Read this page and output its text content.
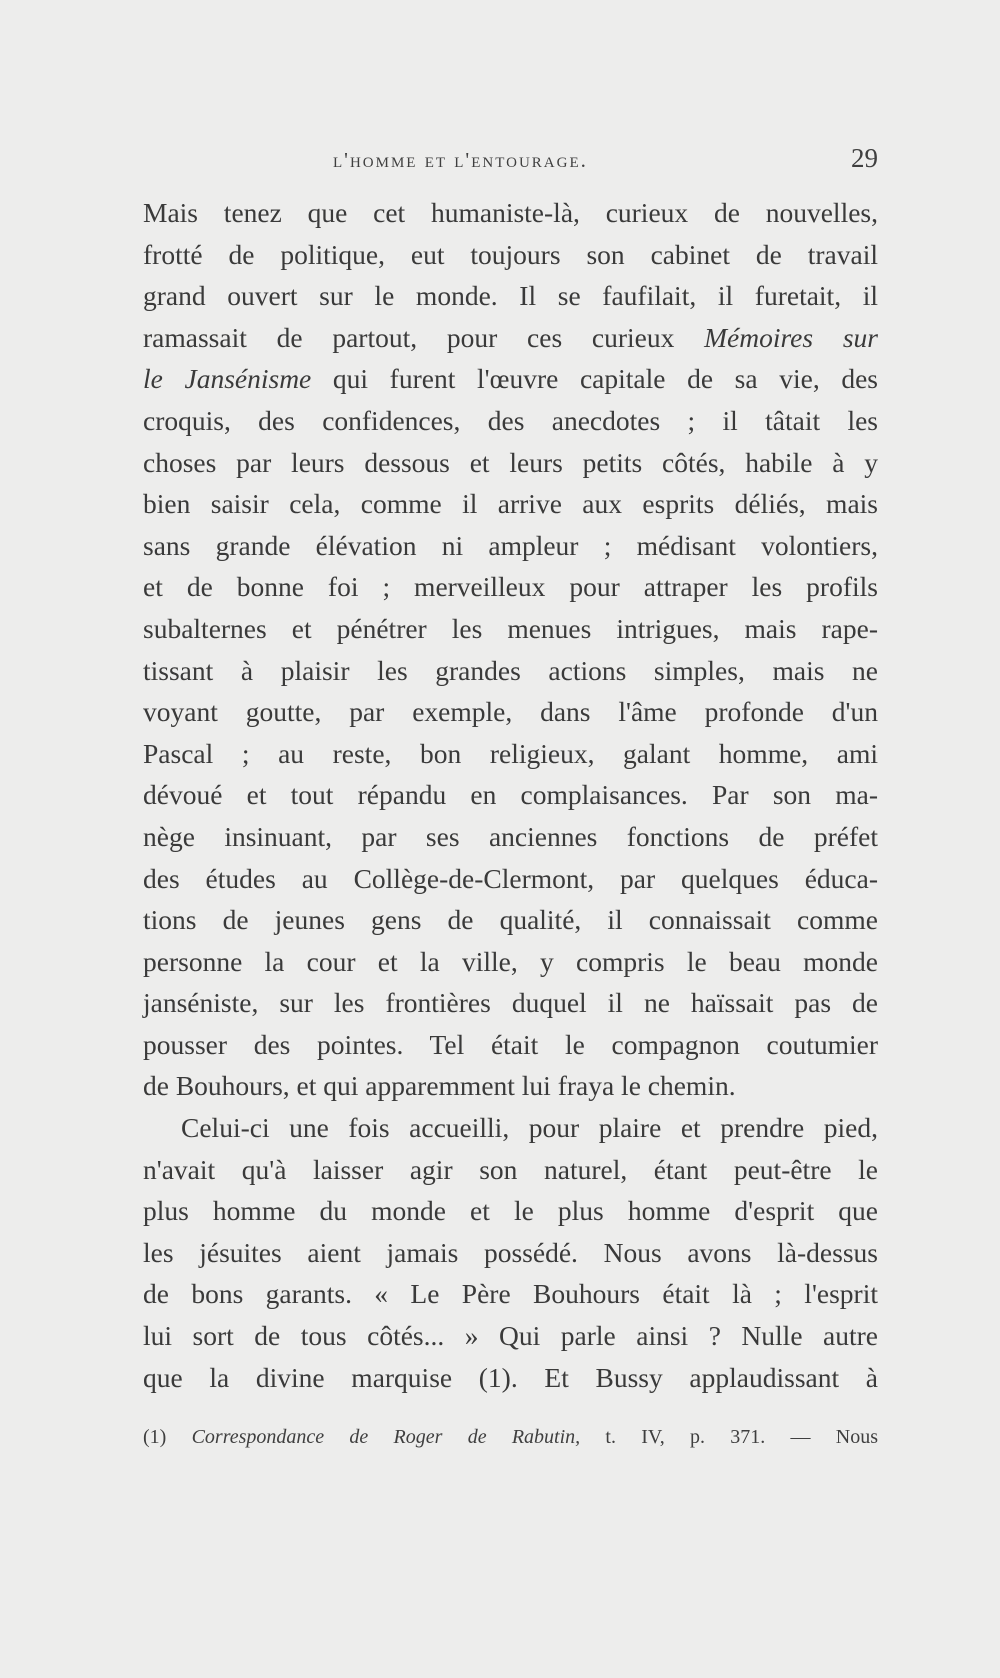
l'homme et l'entourage.	29
Mais tenez que cet humaniste-là, curieux de nouvelles,
frotté de politique, eut toujours son cabinet de travail
grand ouvert sur le monde. Il se faufilait, il furetait, il
ramassait de partout, pour ces curieux Mémoires sur
le Jansénisme qui furent l'œuvre capitale de sa vie, des
croquis, des confidences, des anecdotes ; il tâtait les
choses par leurs dessous et leurs petits côtés, habile à y
bien saisir cela, comme il arrive aux esprits déliés, mais
sans grande élévation ni ampleur ; médisant volontiers,
et de bonne foi ; merveilleux pour attraper les profils
subalternes et pénétrer les menues intrigues, mais rape-
tissant à plaisir les grandes actions simples, mais ne
voyant goutte, par exemple, dans l'âme profonde d'un
Pascal ; au reste, bon religieux, galant homme, ami
dévoué et tout répandu en complaisances. Par son ma-
nège insinuant, par ses anciennes fonctions de préfet
des études au Collège-de-Clermont, par quelques éduca-
tions de jeunes gens de qualité, il connaissait comme
personne la cour et la ville, y compris le beau monde
janséniste, sur les frontières duquel il ne haïssait pas de
pousser des pointes. Tel était le compagnon coutumier
de Bouhours, et qui apparemment lui fraya le chemin.
Celui-ci une fois accueilli, pour plaire et prendre pied,
n'avait qu'à laisser agir son naturel, étant peut-être le
plus homme du monde et le plus homme d'esprit que
les jésuites aient jamais possédé. Nous avons là-dessus
de bons garants. « Le Père Bouhours était là ; l'esprit
lui sort de tous côtés... » Qui parle ainsi ? Nulle autre
que la divine marquise (1). Et Bussy applaudissant à
(1) Correspondance de Roger de Rabutin, t. IV, p. 371. — Nous
